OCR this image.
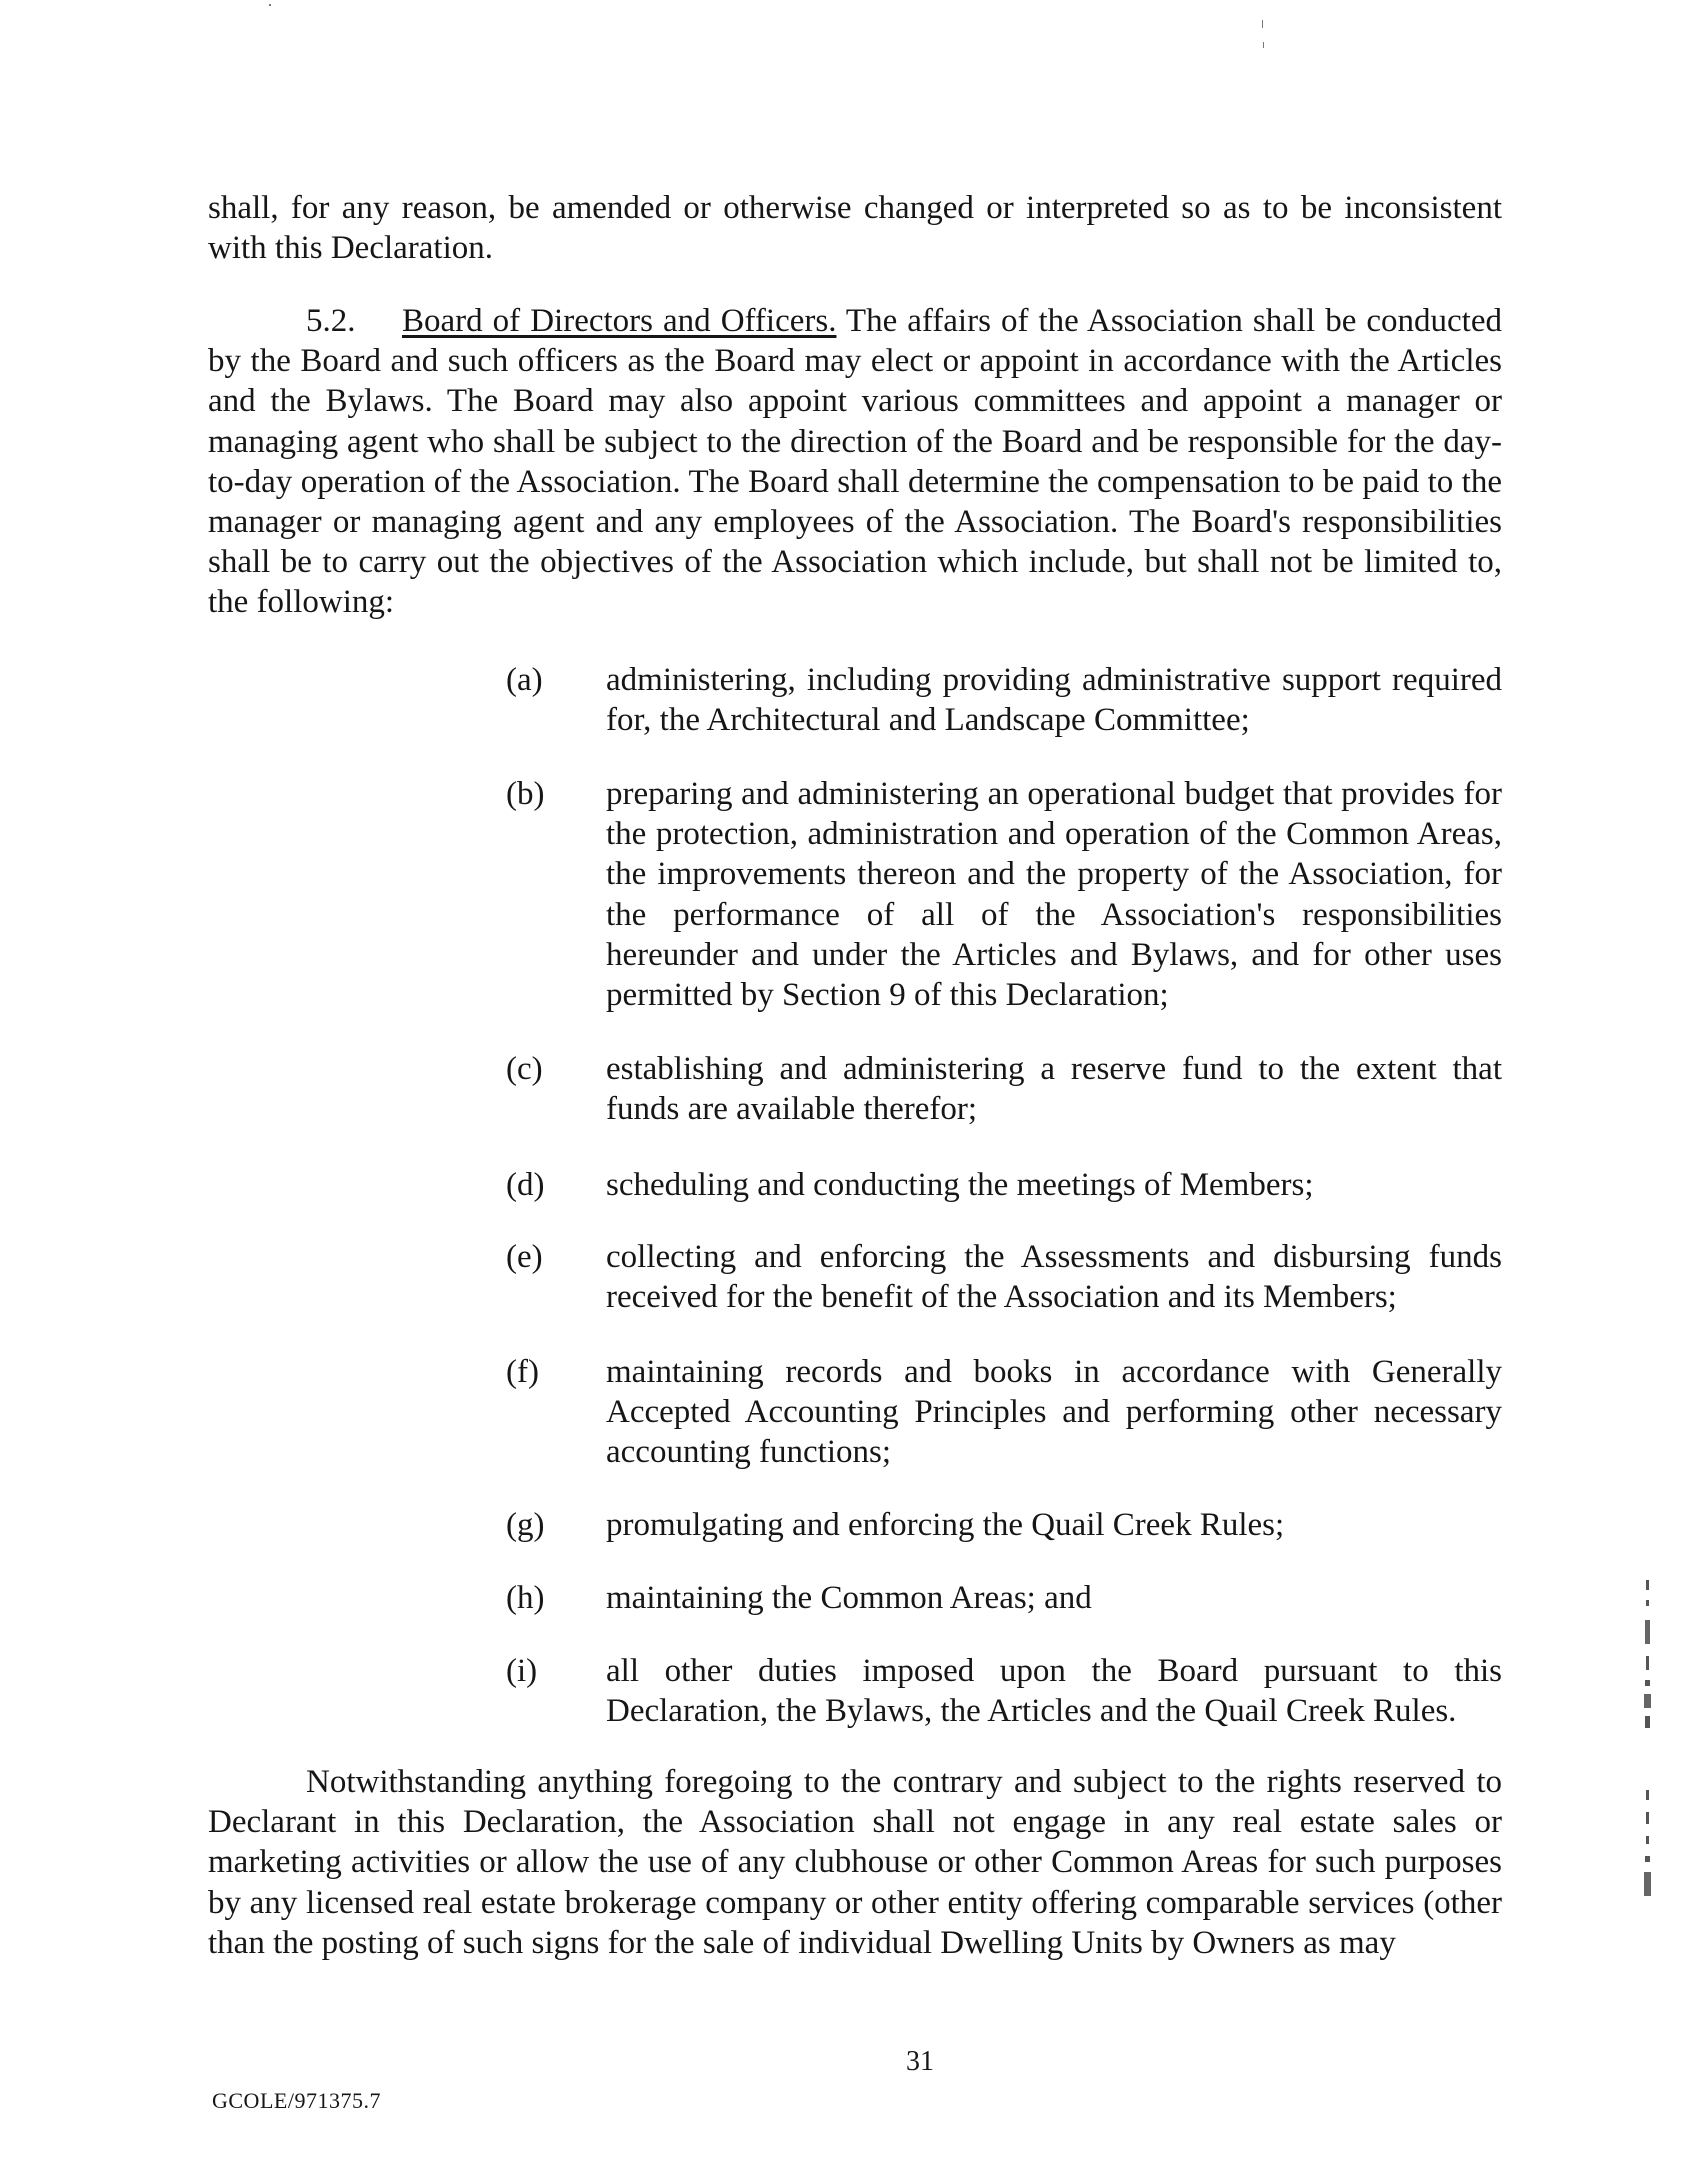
shall, for any reason, be amended or otherwise changed or interpreted so as to be inconsistent with this Declaration.

5.2. Board of Directors and Officers. The affairs of the Association shall be conducted by the Board and such officers as the Board may elect or appoint in accordance with the Articles and the Bylaws. The Board may also appoint various committees and appoint a manager or managing agent who shall be subject to the direction of the Board and be responsible for the day-to-day operation of the Association. The Board shall determine the compensation to be paid to the manager or managing agent and any employees of the Association. The Board's responsibilities shall be to carry out the objectives of the Association which include, but shall not be limited to, the following:

(a)	administering, including providing administrative support required for, the Architectural and Landscape Committee;
(b)	preparing and administering an operational budget that provides for the protection, administration and operation of the Common Areas, the improvements thereon and the property of the Association, for the performance of all of the Association's responsibilities hereunder and under the Articles and Bylaws, and for other uses permitted by Section 9 of this Declaration;
(c)	establishing and administering a reserve fund to the extent that funds are available therefor;
(d)	scheduling and conducting the meetings of Members;
(e)	collecting and enforcing the Assessments and disbursing funds received for the benefit of the Association and its Members;
(f)	maintaining records and books in accordance with Generally Accepted Accounting Principles and performing other necessary accounting functions;
(g)	promulgating and enforcing the Quail Creek Rules;
(h)	maintaining the Common Areas; and
(i)	all other duties imposed upon the Board pursuant to this Declaration, the Bylaws, the Articles and the Quail Creek Rules.

Notwithstanding anything foregoing to the contrary and subject to the rights reserved to Declarant in this Declaration, the Association shall not engage in any real estate sales or marketing activities or allow the use of any clubhouse or other Common Areas for such purposes by any licensed real estate brokerage company or other entity offering comparable services (other than the posting of such signs for the sale of individual Dwelling Units by Owners as may

31
GCOLE/971375.7
